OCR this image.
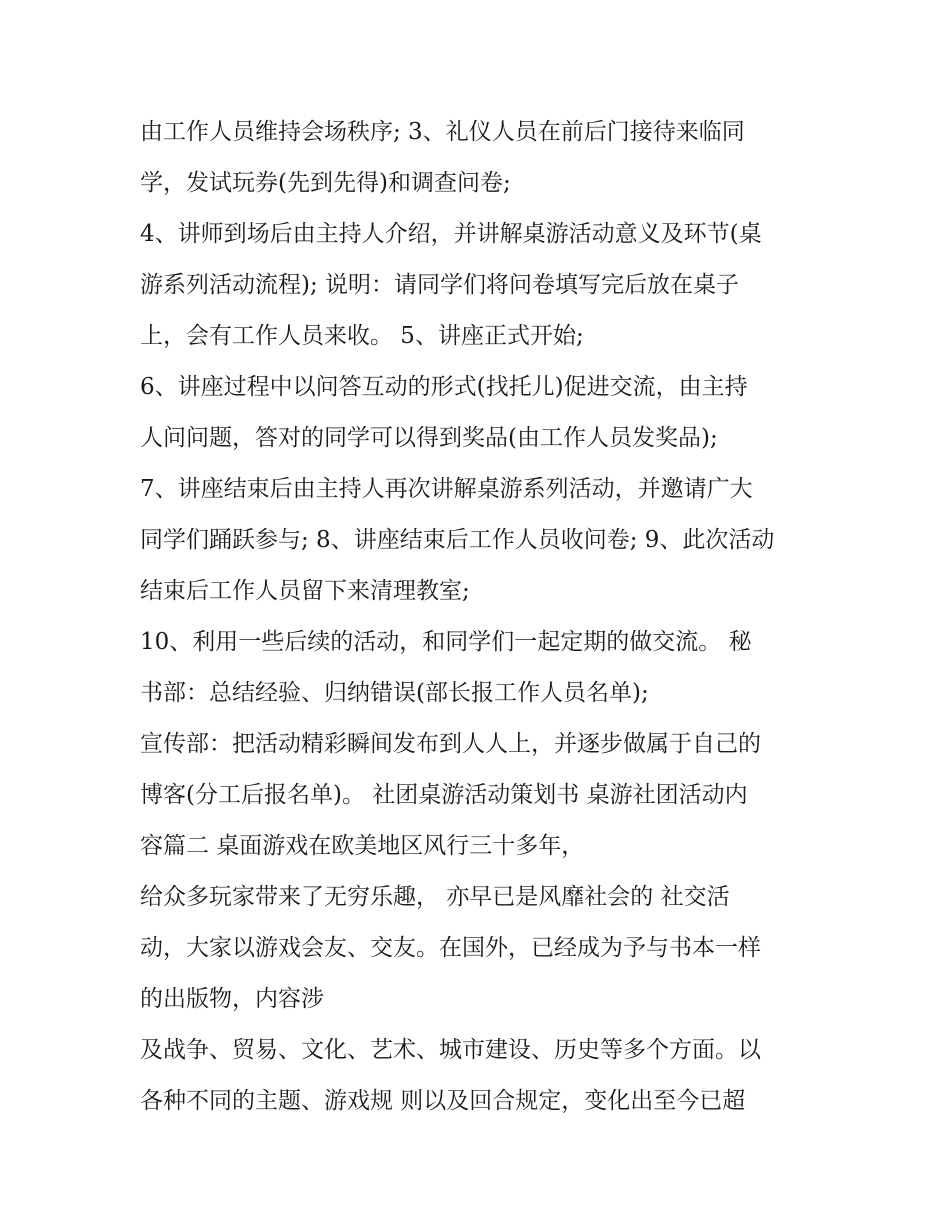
由工作人员维持会场秩序; 3、礼仪人员在前后门接待来临同
学，发试玩券(先到先得)和调查问卷;
4、讲师到场后由主持人介绍，并讲解桌游活动意义及环节(桌
游系列活动流程); 说明：请同学们将问卷填写完后放在桌子
上，会有工作人员来收。 5、讲座正式开始;
6、讲座过程中以问答互动的形式(找托儿)促进交流，由主持
人问问题，答对的同学可以得到奖品(由工作人员发奖品);
7、讲座结束后由主持人再次讲解桌游系列活动，并邀请广大
同学们踊跃参与; 8、讲座结束后工作人员收问卷; 9、此次活动
结束后工作人员留下来清理教室;
10、利用一些后续的活动，和同学们一起定期的做交流。 秘
书部：总结经验、归纳错误(部长报工作人员名单);
宣传部：把活动精彩瞬间发布到人人上，并逐步做属于自己的
博客(分工后报名单)。 社团桌游活动策划书 桌游社团活动内
容篇二 桌面游戏在欧美地区风行三十多年，
给众多玩家带来了无穷乐趣， 亦早已是风靡社会的 社交活
动，大家以游戏会友、交友。在国外，已经成为予与书本一样
的出版物，内容涉
及战争、贸易、文化、艺术、城市建设、历史等多个方面。以
各种不同的主题、游戏规 则以及回合规定，变化出至今已超
